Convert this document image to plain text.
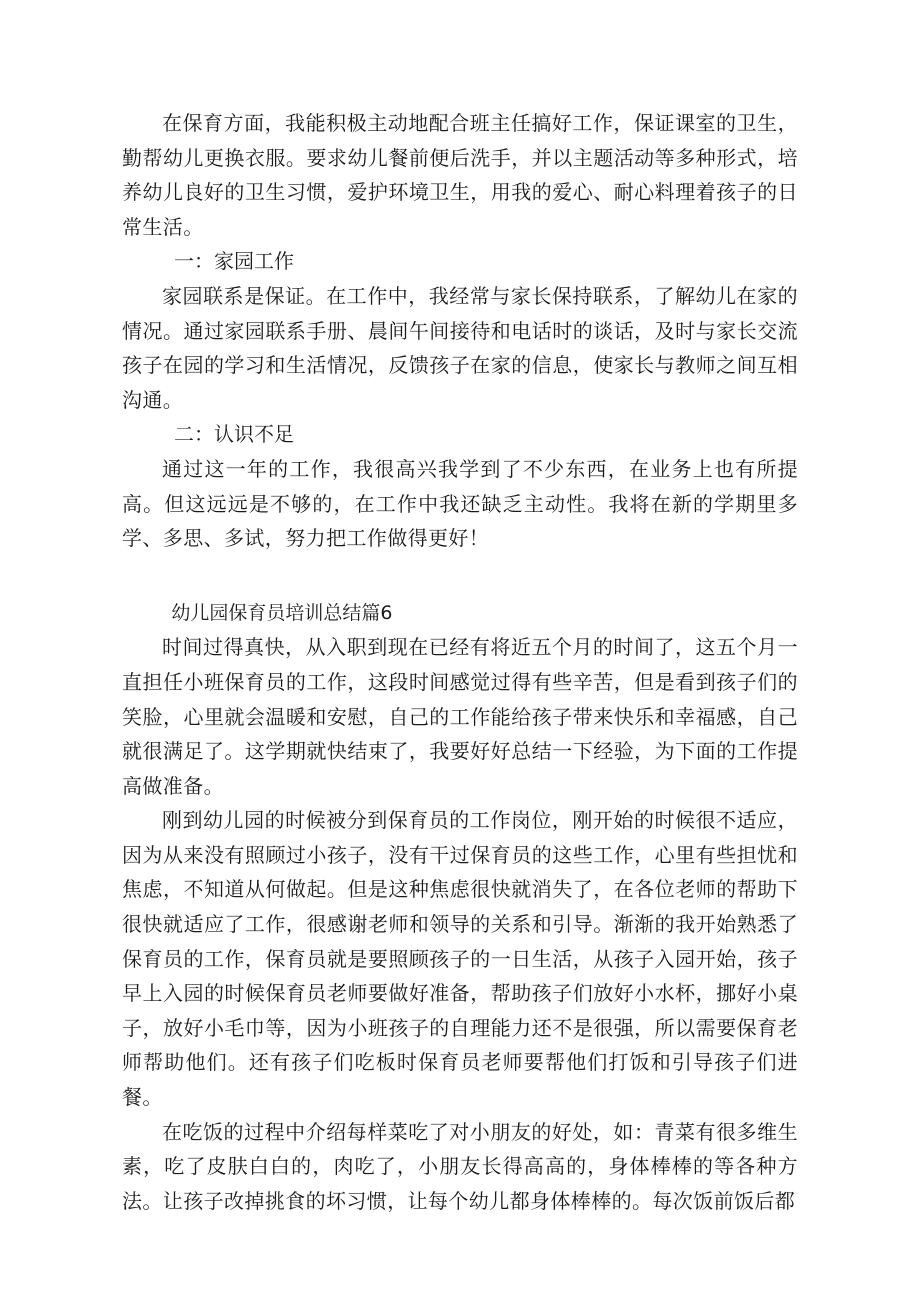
在保育方面，我能积极主动地配合班主任搞好工作，保证课室的卫生，勤帮幼儿更换衣服。要求幼儿餐前便后洗手，并以主题活动等多种形式，培养幼儿良好的卫生习惯，爱护环境卫生，用我的爱心、耐心料理着孩子的日常生活。

一：家园工作

家园联系是保证。在工作中，我经常与家长保持联系，了解幼儿在家的情况。通过家园联系手册、晨间午间接待和电话时的谈话，及时与家长交流孩子在园的学习和生活情况，反馈孩子在家的信息，使家长与教师之间互相沟通。

二：认识不足

通过这一年的工作，我很高兴我学到了不少东西，在业务上也有所提高。但这远远是不够的，在工作中我还缺乏主动性。我将在新的学期里多学、多思、多试，努力把工作做得更好！

幼儿园保育员培训总结篇6

时间过得真快，从入职到现在已经有将近五个月的时间了，这五个月一直担任小班保育员的工作，这段时间感觉过得有些辛苦，但是看到孩子们的笑脸，心里就会温暖和安慰，自己的工作能给孩子带来快乐和幸福感，自己就很满足了。这学期就快结束了，我要好好总结一下经验，为下面的工作提高做准备。

刚到幼儿园的时候被分到保育员的工作岗位，刚开始的时候很不适应，因为从来没有照顾过小孩子，没有干过保育员的这些工作，心里有些担忧和焦虑，不知道从何做起。但是这种焦虑很快就消失了，在各位老师的帮助下很快就适应了工作，很感谢老师和领导的关系和引导。渐渐的我开始熟悉了保育员的工作，保育员就是要照顾孩子的一日生活，从孩子入园开始，孩子早上入园的时候保育员老师要做好准备，帮助孩子们放好小水杯，挪好小桌子，放好小毛巾等，因为小班孩子的自理能力还不是很强，所以需要保育老师帮助他们。还有孩子们吃板时保育员老师要帮他们打饭和引导孩子们进餐。

在吃饭的过程中介绍每样菜吃了对小朋友的好处，如：青菜有很多维生素，吃了皮肤白白的，肉吃了，小朋友长得高高的，身体棒棒的等各种方法。让孩子改掉挑食的坏习惯，让每个幼儿都身体棒棒的。每次饭前饭后都
